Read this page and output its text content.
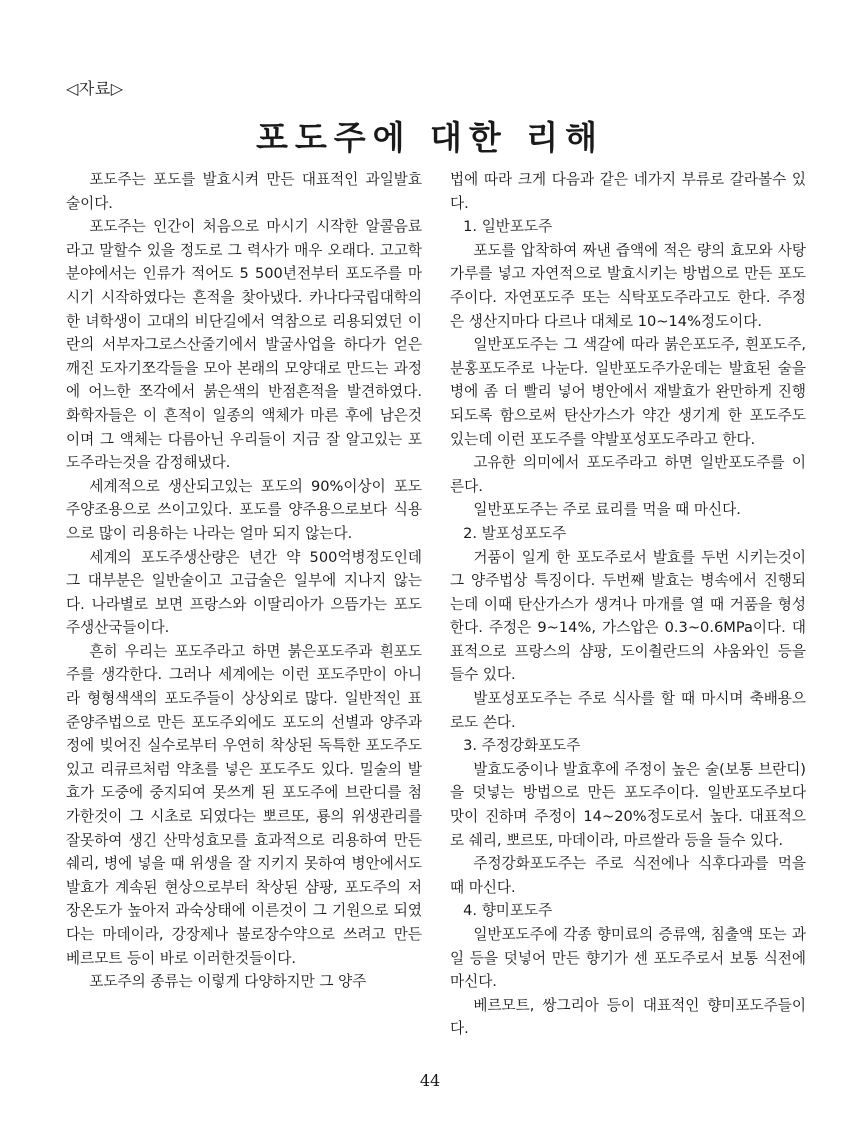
◁자료▷
포도주에 대한 리해

포도주는 포도를 발효시켜 만든 대표적인 과일발효술이다.

포도주는 인간이 처음으로 마시기 시작한 알콜음료라고 말할수 있을 정도로 그 력사가 매우 오래다. 고고학분야에서는 인류가 적어도 5 500년전부터 포도주를 마시기 시작하였다는 흔적을 찾아냈다. 카나다국립대학의 한 녀학생이 고대의 비단길에서 역참으로 리용되였던 이란의 서부자그로스산줄기에서 발굴사업을 하다가 얻은 깨진 도자기쪼각들을 모아 본래의 모양대로 만드는 과정에 어느한 쪼각에서 붉은색의 반점흔적을 발견하였다. 화학자들은 이 흔적이 일종의 액체가 마른 후에 남은것이며 그 액체는 다름아닌 우리들이 지금 잘 알고있는 포도주라는것을 감정해냈다.

세계적으로 생산되고있는 포도의 90%이상이 포도주양조용으로 쓰이고있다. 포도를 양주용으로보다 식용으로 많이 리용하는 나라는 얼마 되지 않는다.

세계의 포도주생산량은 년간 약 500억병정도인데 그 대부분은 일반술이고 고급술은 일부에 지나지 않는다. 나라별로 보면 프랑스와 이딸리아가 으뜸가는 포도주생산국들이다.

흔히 우리는 포도주라고 하면 붉은포도주과 흰포도주를 생각한다. 그러나 세계에는 이런 포도주만이 아니라 형형색색의 포도주들이 상상외로 많다. 일반적인 표준양주법으로 만든 포도주외에도 포도의 선별과 양주과정에 빚어진 실수로부터 우연히 착상된 독특한 포도주도 있고 리큐르처럼 약초를 넣은 포도주도 있다. 밀술의 발효가 도중에 중지되여 못쓰게 된 포도주에 브란디를 첨가한것이 그 시초로 되였다는 뽀르또, 룡의 위생관리를 잘못하여 생긴 산막성효모를 효과적으로 리용하여 만든 쉐리, 병에 넣을 때 위생을 잘 지키지 못하여 병안에서도 발효가 계속된 현상으로부터 착상된 샴팡, 포도주의 저장온도가 높아저 과숙상태에 이른것이 그 기원으로 되였다는 마데이라, 강장제나 불로장수약으로 쓰려고 만든 베르모트 등이 바로 이러한것들이다.

포도주의 종류는 이렇게 다양하지만 그 양주

법에 따라 크게 다음과 같은 네가지 부류로 갈라볼수 있다.

1. 일반포도주

포도를 압착하여 짜낸 즙액에 적은 량의 효모와 사탕가루를 넣고 자연적으로 발효시키는 방법으로 만든 포도주이다. 자연포도주 또는 식탁포도주라고도 한다. 주정은 생산지마다 다르나 대체로 10~14%정도이다.

일반포도주는 그 색갈에 따라 붉은포도주, 흰포도주, 분홍포도주로 나눈다. 일반포도주가운데는 발효된 술을 병에 좀 더 빨리 넣어 병안에서 재발효가 완만하게 진행되도록 함으로써 탄산가스가 약간 생기게 한 포도주도 있는데 이런 포도주를 약발포성포도주라고 한다.

고유한 의미에서 포도주라고 하면 일반포도주를 이른다.

일반포도주는 주로 료리를 먹을 때 마신다.

2. 발포성포도주

거품이 일게 한 포도주로서 발효를 두번 시키는것이 그 양주법상 특징이다. 두번째 발효는 병속에서 진행되는데 이때 탄산가스가 생겨나 마개를 열 때 거품을 형성한다. 주정은 9~14%, 가스압은 0.3~0.6MPa이다. 대표적으로 프랑스의 샴팡, 도이췰란드의 샤움와인 등을 들수 있다.

발포성포도주는 주로 식사를 할 때 마시며 축배용으로도 쓴다.

3. 주정강화포도주

발효도중이나 발효후에 주정이 높은 술(보통 브란디)을 덧넣는 방법으로 만든 포도주이다. 일반포도주보다 맛이 진하며 주정이 14~20%정도로서 높다. 대표적으로 쉐리, 뽀르또, 마데이라, 마르쌀라 등을 들수 있다.

주정강화포도주는 주로 식전에나 식후다과를 먹을 때 마신다.

4. 향미포도주

일반포도주에 각종 향미료의 증류액, 침출액 또는 과일 등을 덧넣어 만든 향기가 센 포도주로서 보통 식전에 마신다.

베르모트, 쌍그리아 등이 대표적인 향미포도주들이다.

44
